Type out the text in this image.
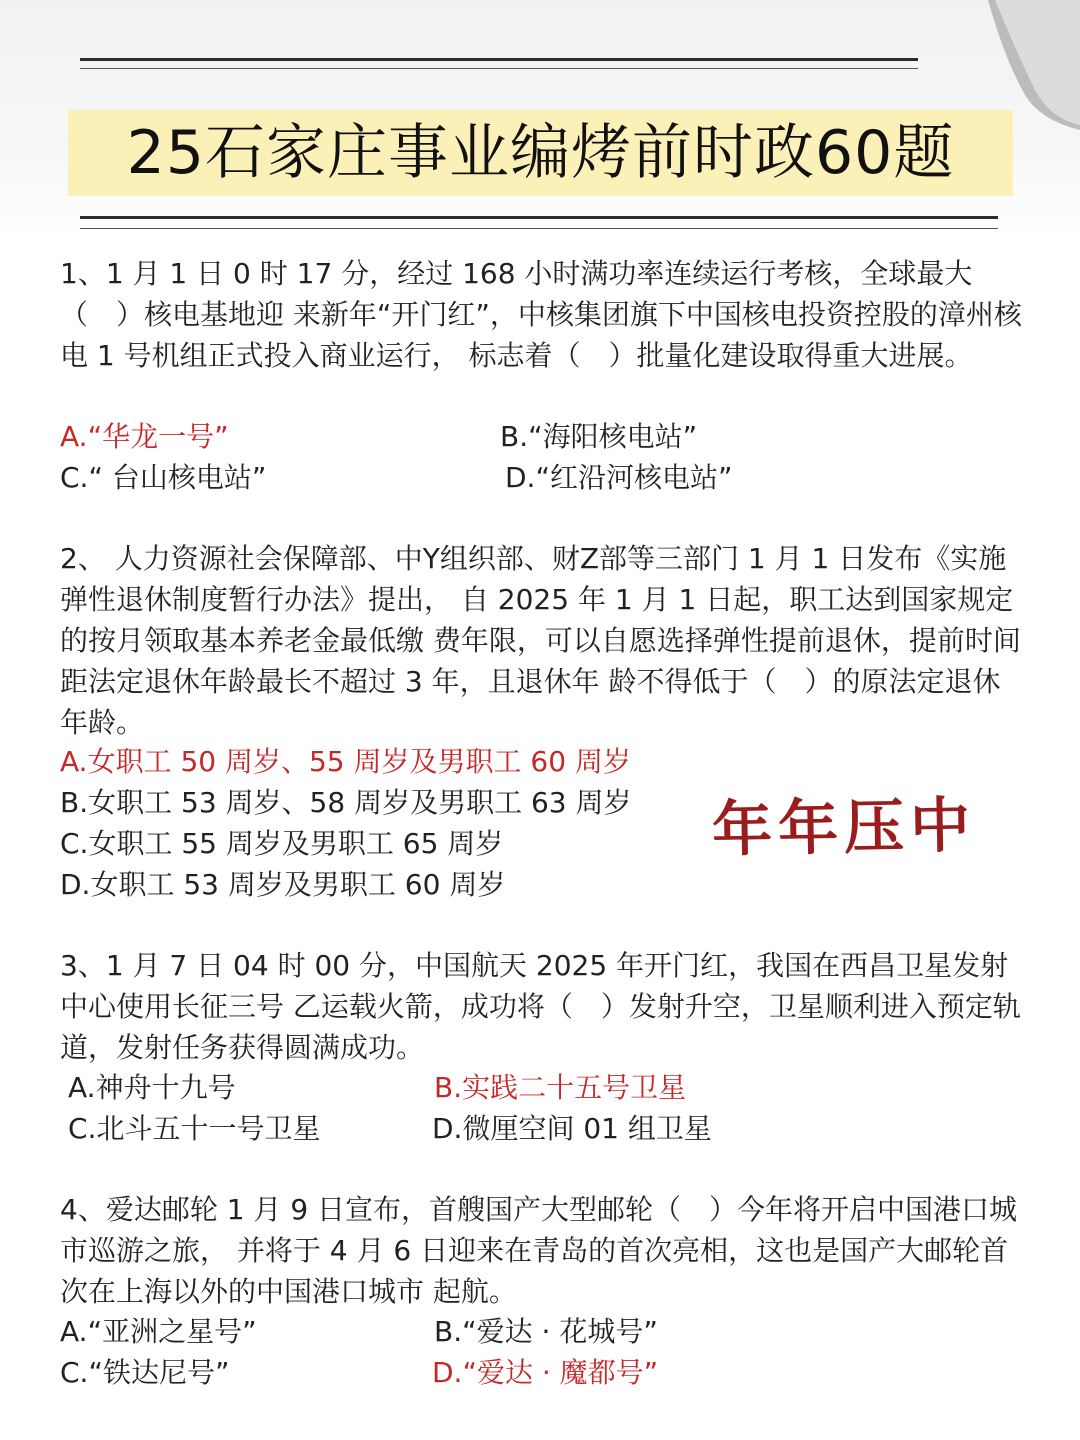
25石家庄事业编烤前时政60题
1、1 月 1 日 0 时 17 分，经过 168 小时满功率连续运行考核，全球最大（　）核电基地迎 来新年“开门红”，中核集团旗下中国核电投资控股的漳州核电 1 号机组正式投入商业运行， 标志着（　）批量化建设取得重大进展。
A.“华龙一号”	B.“海阳核电站”
C.“ 台山核电站”	D.“红沿河核电站”
2、 人力资源社会保障部、中Y组织部、财Z部等三部门 1 月 1 日发布《实施弹性退休制度暂行办法》提出， 自 2025 年 1 月 1 日起，职工达到国家规定的按月领取基本养老金最低缴 费年限，可以自愿选择弹性提前退休，提前时间距法定退休年龄最长不超过 3 年，且退休年 龄不得低于（　）的原法定退休年龄。
A.女职工 50 周岁、55 周岁及男职工 60 周岁
B.女职工 53 周岁、58 周岁及男职工 63 周岁
C.女职工 55 周岁及男职工 65 周岁
D.女职工 53 周岁及男职工 60 周岁
年年压中
3、1 月 7 日 04 时 00 分，中国航天 2025 年开门红，我国在西昌卫星发射中心使用长征三号 乙运载火箭，成功将（　）发射升空，卫星顺利进入预定轨道，发射任务获得圆满成功。
A.神舟十九号	B.实践二十五号卫星
C.北斗五十一号卫星	D.微厘空间 01 组卫星
4、爱达邮轮 1 月 9 日宣布，首艘国产大型邮轮（　）今年将开启中国港口城市巡游之旅， 并将于 4 月 6 日迎来在青岛的首次亮相，这也是国产大邮轮首次在上海以外的中国港口城市 起航。
A.“亚洲之星号”	B.“爱达 · 花城号”
C.“铁达尼号”	D.“爱达 · 魔都号”
